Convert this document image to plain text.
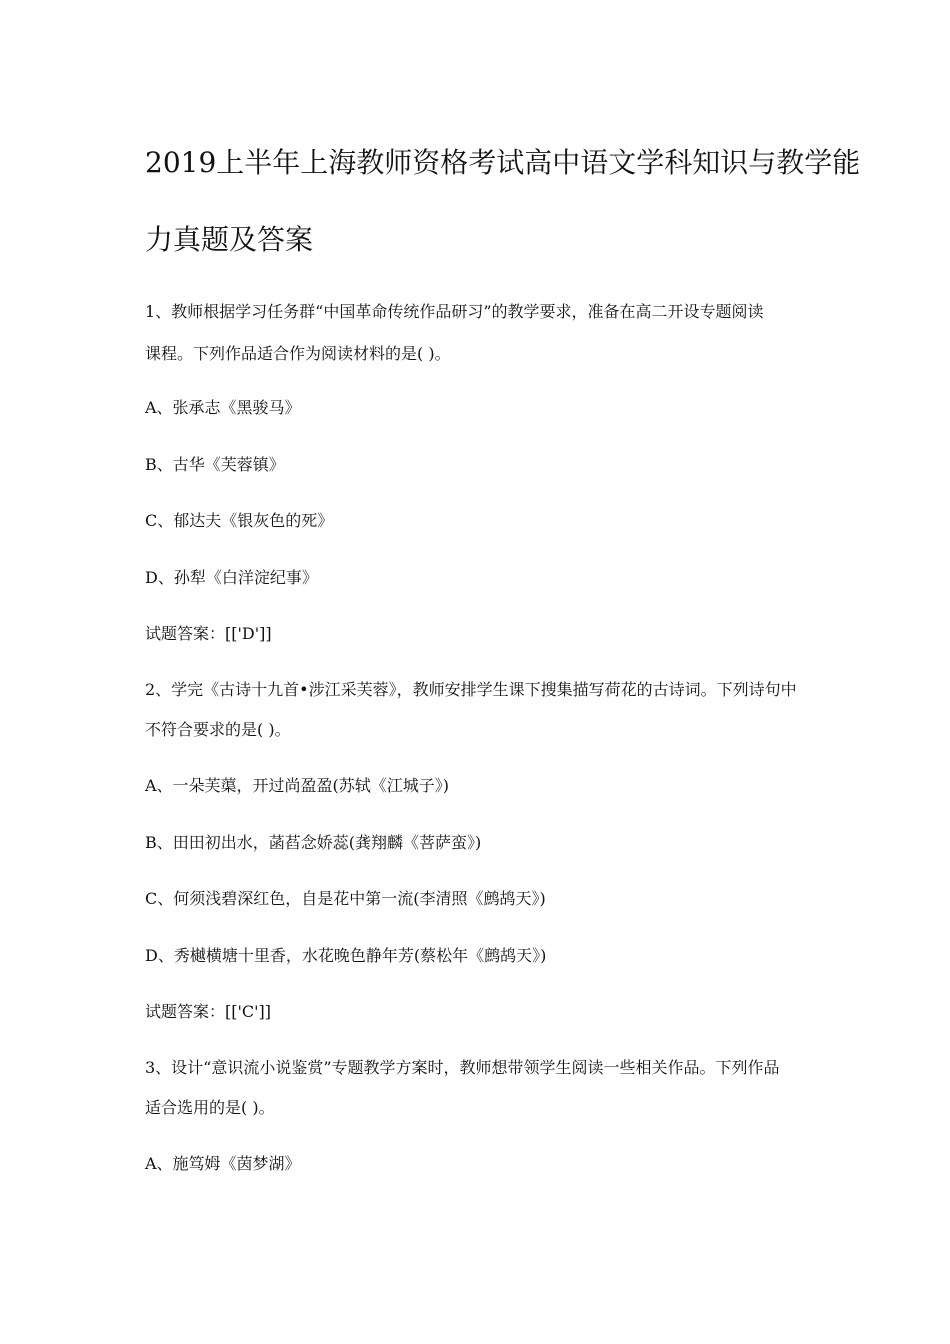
2019上半年上海教师资格考试高中语文学科知识与教学能
力真题及答案
1、教师根据学习任务群“中国革命传统作品研习”的教学要求，准备在高二开设专题阅读
课程。下列作品适合作为阅读材料的是( )。
A、张承志《黑骏马》
B、古华《芙蓉镇》
C、郁达夫《银灰色的死》
D、孙犁《白洋淀纪事》
试题答案：[['D']]
2、学完《古诗十九首•涉江采芙蓉》，教师安排学生课下搜集描写荷花的古诗词。下列诗句中
不符合要求的是( )。
A、一朵芙蕖，开过尚盈盈(苏轼《江城子》)
B、田田初出水，菡萏念娇蕊(龚翔麟《菩萨蛮》)
C、何须浅碧深红色，自是花中第一流(李清照《鹧鸪天》)
D、秀樾横塘十里香，水花晚色静年芳(蔡松年《鹧鸪天》)
试题答案：[['C']]
3、设计“意识流小说鉴赏”专题教学方案时，教师想带领学生阅读一些相关作品。下列作品
适合选用的是( )。
A、施笃姆《茵梦湖》
